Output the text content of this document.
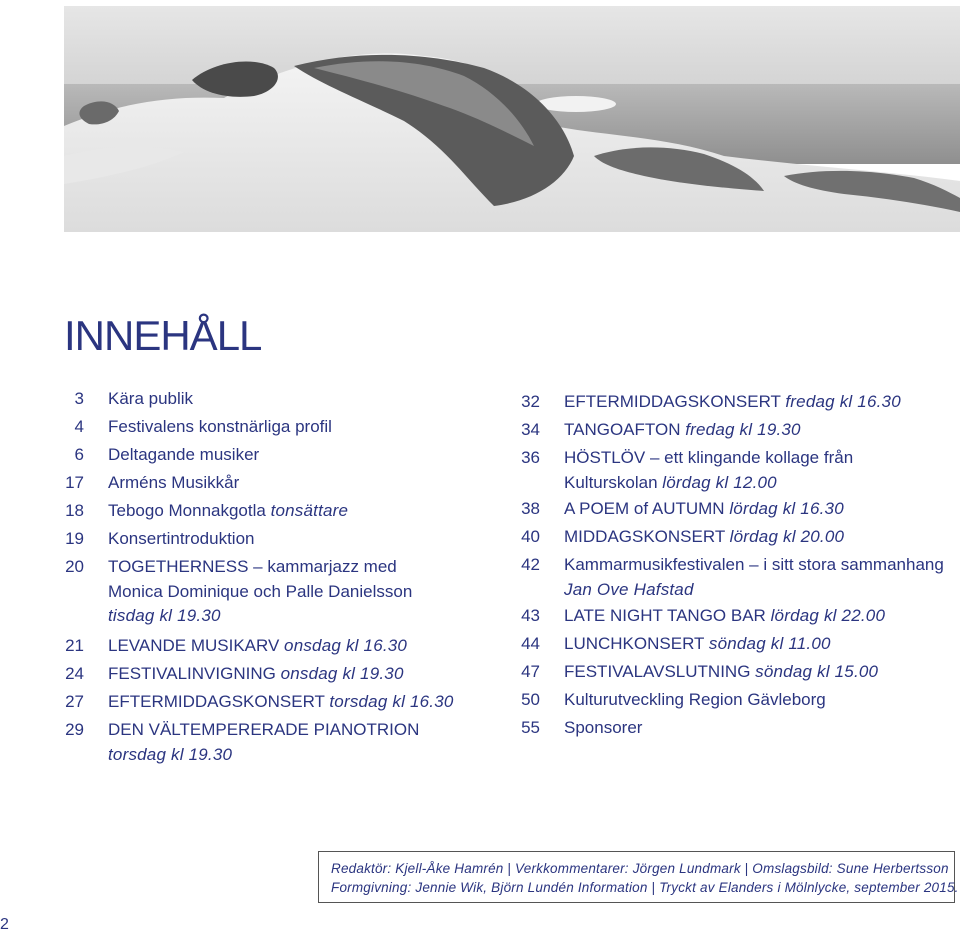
INNEHÅLL
3 Kära publik
4 Festivalens konstnärliga profil
6 Deltagande musiker
17 Arméns Musikkår
18 Tebogo Monnakgotla tonsättare
19 Konsertintroduktion
20 TOGETHERNESS – kammarjazz med
Monica Dominique och Palle Danielsson
tisdag kl 19.30
21 LEVANDE MUSIKARV onsdag kl 16.30
24 FESTIVALINVIGNING onsdag kl 19.30
27 EFTERMIDDAGSKONSERT torsdag kl 16.30
29 DEN VÄLTEMPERERADE PIANOTRION
torsdag kl 19.30
32 EFTERMIDDAGSKONSERT fredag kl 16.30
34 TANGOAFTON fredag kl 19.30
36 HÖSTLÖV – ett klingande kollage från
Kulturskolan lördag kl 12.00
38 A POEM of AUTUMN lördag kl 16.30
40 MIDDAGSKONSERT lördag kl 20.00
42 Kammarmusikfestivalen – i sitt stora sammanhang
Jan Ove Hafstad
43 LATE NIGHT TANGO BAR lördag kl 22.00
44 LUNCHKONSERT söndag kl 11.00
47 FESTIVALAVSLUTNING söndag kl 15.00
50 Kulturutveckling Region Gävleborg
55 Sponsorer
Redaktör: Kjell-Åke Hamrén | Verkkommentarer: Jörgen Lundmark | Omslagsbild: Sune Herbertsson
Formgivning: Jennie Wik, Björn Lundén Information | Tryckt av Elanders i Mölnlycke, september 2015.
2
